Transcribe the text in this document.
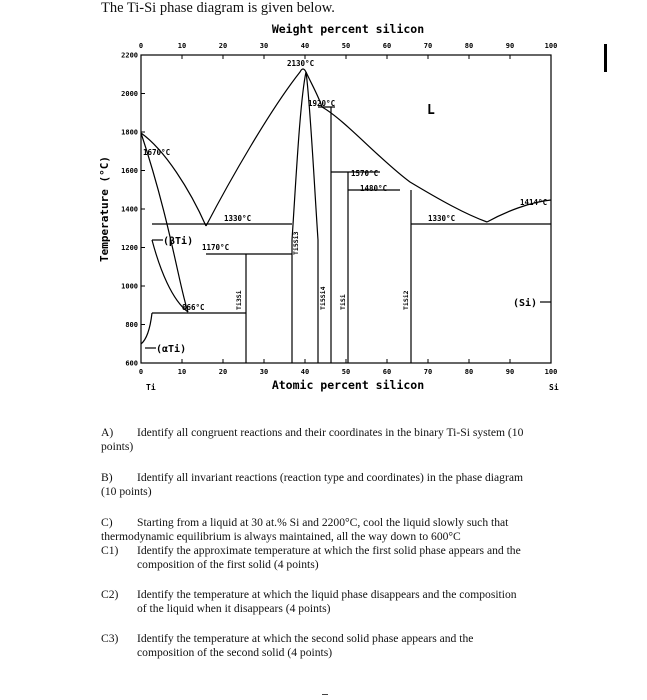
The Ti-Si phase diagram is given below.
Weight percent silicon
Atomic percent silicon
Temperature (°C)
0	10	20	30	40	50	60	70	80	90	100
0	10	20	30	40	50	60	70	80	90	100
2200
2000
1800
1600
1400
1200
1000
800
600
Ti	Si
1670°C
2130°C
1920°C
1570°C
1480°C
1414°C
1330°C	1330°C
1170°C
866°C
L
(βTi)
(αTi)
(Si)
Ti3Si
Ti5Si3
Ti5Si4 TiSi	TiSi2
A) Identify all congruent reactions and their coordinates in the binary Ti-Si system (10
points)
B) Identify all invariant reactions (reaction type and coordinates) in the phase diagram
(10 points)
C) Starting from a liquid at 30 at.% Si and 2200°C, cool the liquid slowly such that
thermodynamic equilibrium is always maintained, all the way down to 600°C
C1) Identify the approximate temperature at which the first solid phase appears and the
composition of the first solid (4 points)
C2) Identify the temperature at which the liquid phase disappears and the composition
of the liquid when it disappears (4 points)
C3) Identify the temperature at which the second solid phase appears and the
composition of the second solid (4 points)
